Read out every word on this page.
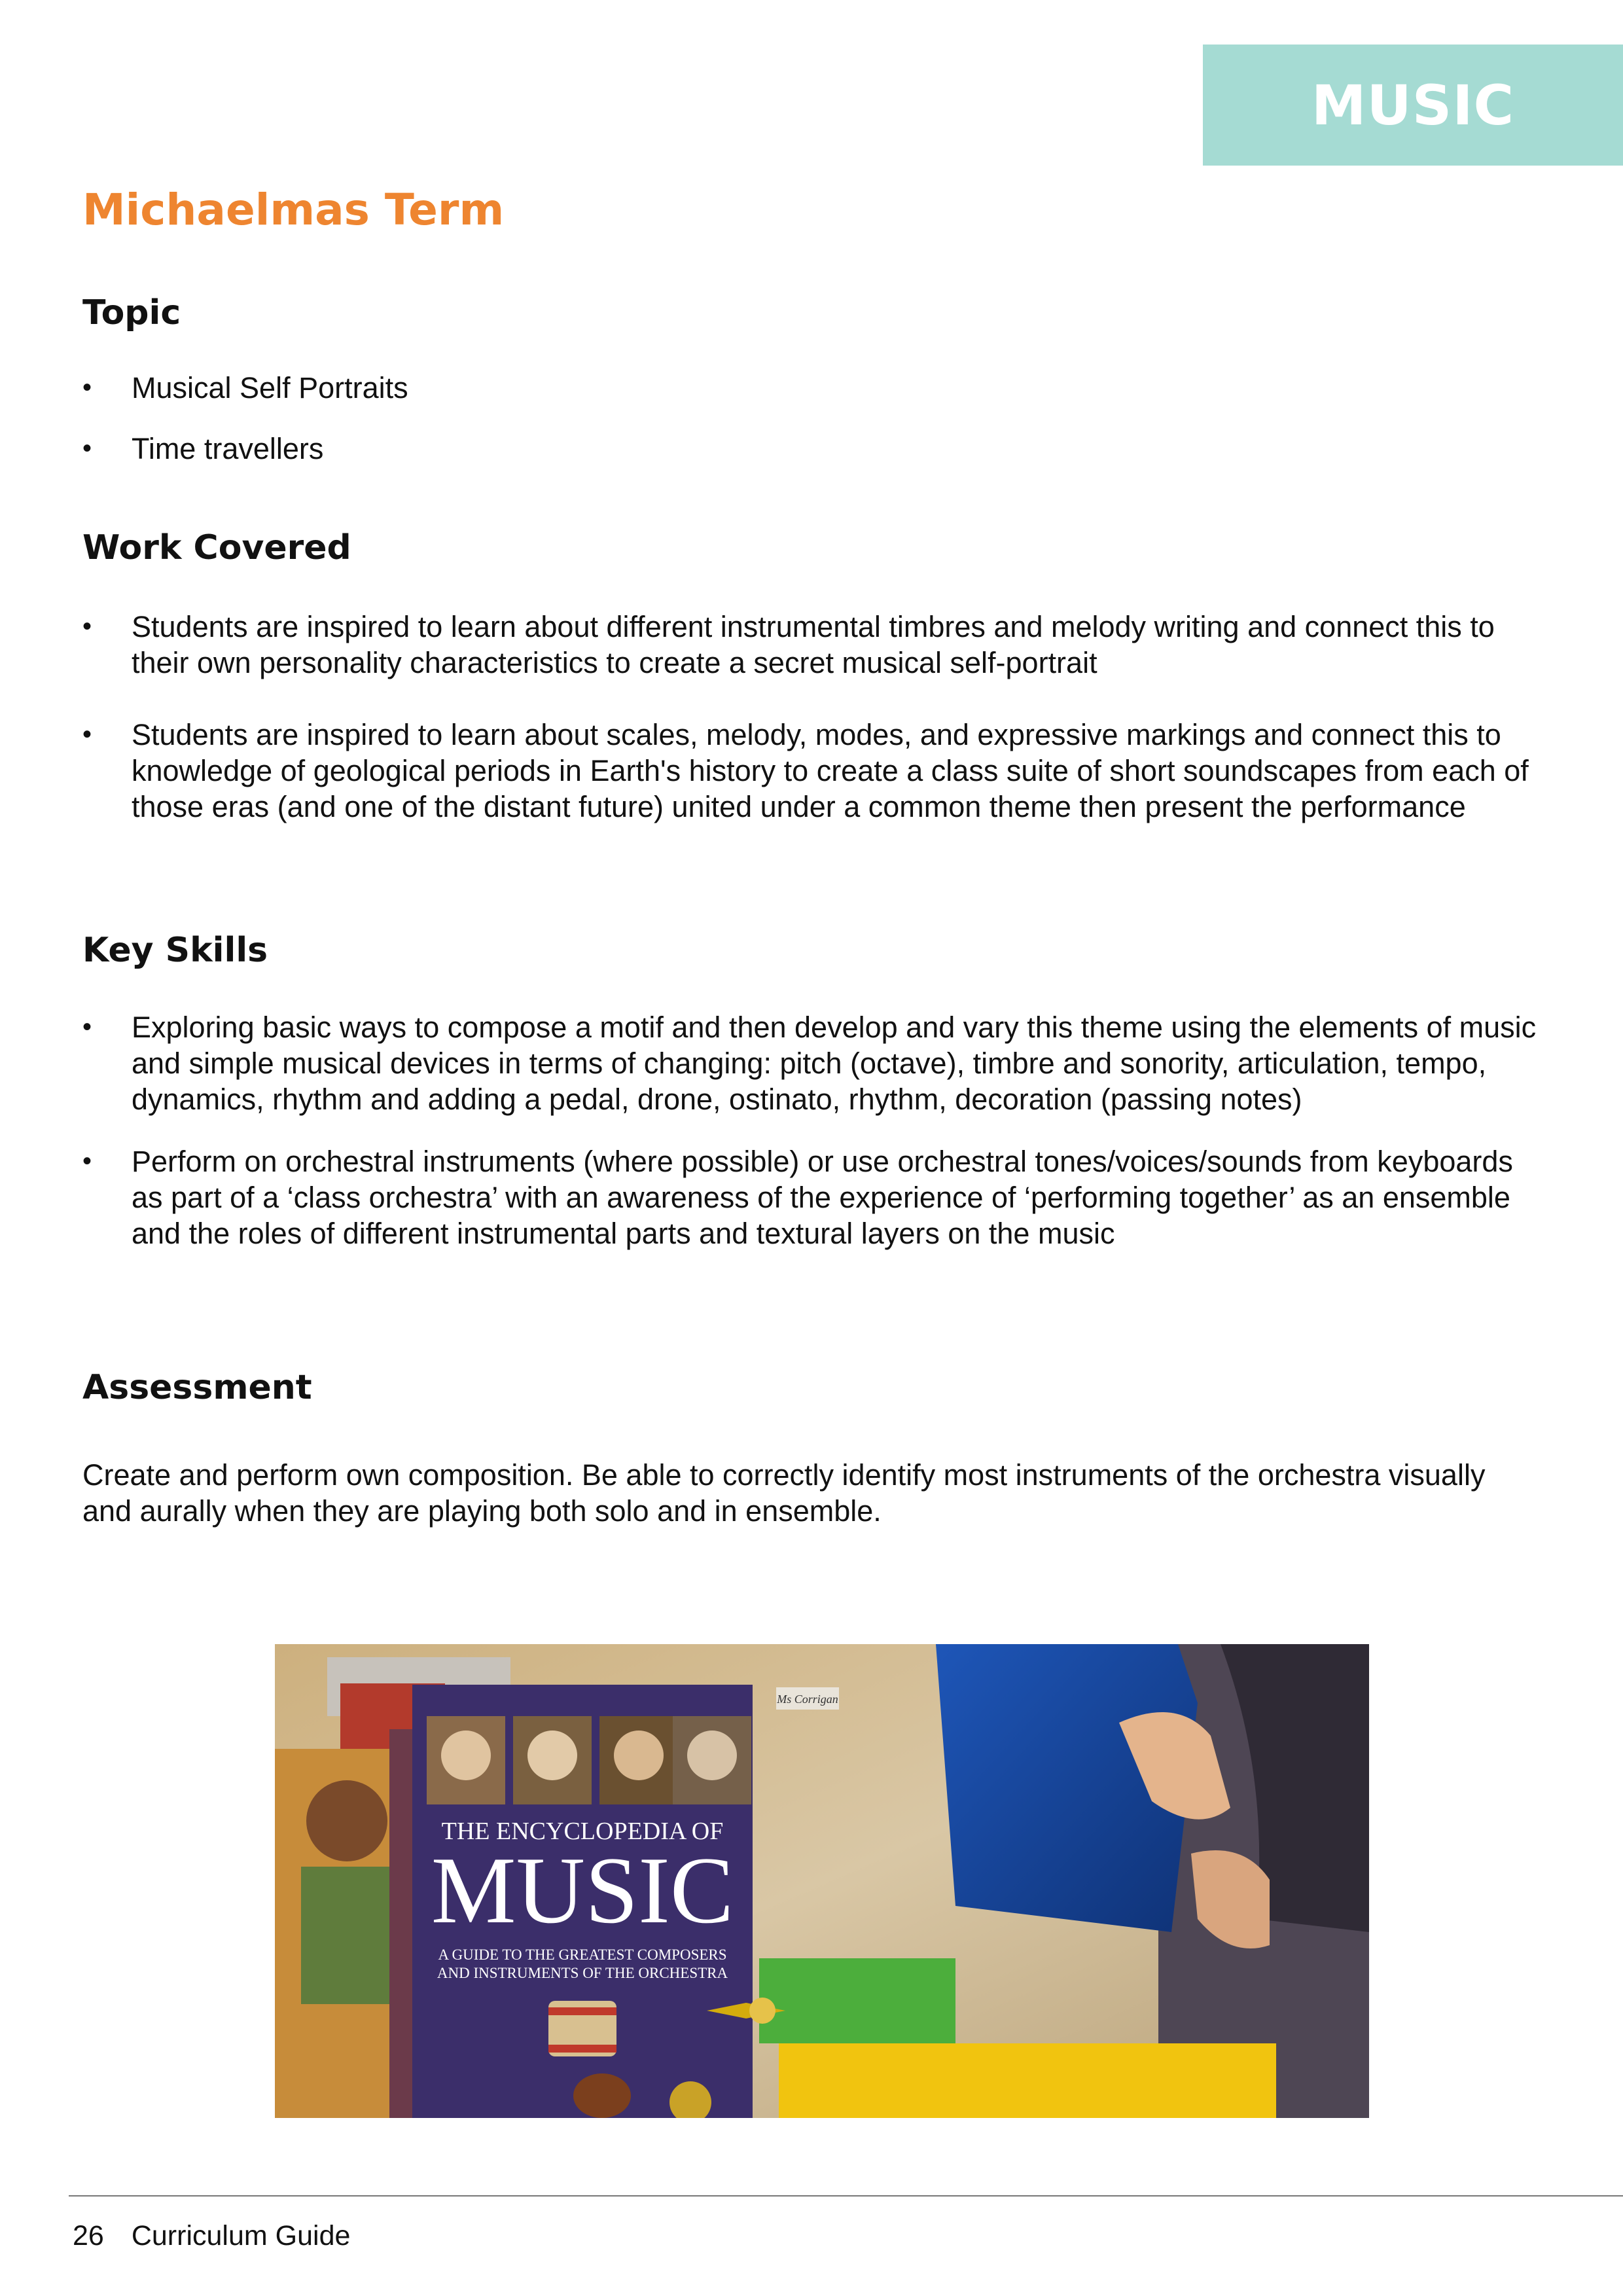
MUSIC
Michaelmas Term
Topic
• Musical Self Portraits
• Time travellers
Work Covered
• Students are inspired to learn about different instrumental timbres and melody writing and connect this to their own personality characteristics to create a secret musical self-portrait
• Students are inspired to learn about scales, melody, modes, and expressive markings and connect this to knowledge of geological periods in Earth's history to create a class suite of short soundscapes from each of those eras (and one of the distant future) united under a common theme then present the performance
Key Skills
• Exploring basic ways to compose a motif and then develop and vary this theme using the elements of music and simple musical devices in terms of changing: pitch (octave), timbre and sonority, articulation, tempo, dynamics, rhythm and adding a pedal, drone, ostinato, rhythm, decoration (passing notes)
• Perform on orchestral instruments (where possible) or use orchestral tones/voices/sounds from keyboards as part of a ‘class orchestra’ with an awareness of the experience of ‘performing together’ as an ensemble and the roles of different instrumental parts and textural layers on the music
Assessment

Create and perform own composition. Be able to correctly identify most instruments of the orchestra visually and aurally when they are playing both solo and in ensemble.

Ms Corrigan
THE ENCYCLOPEDIA OF
MUSIC
A GUIDE TO THE GREATEST COMPOSERS
AND INSTRUMENTS OF THE ORCHESTRA
26 Curriculum Guide
